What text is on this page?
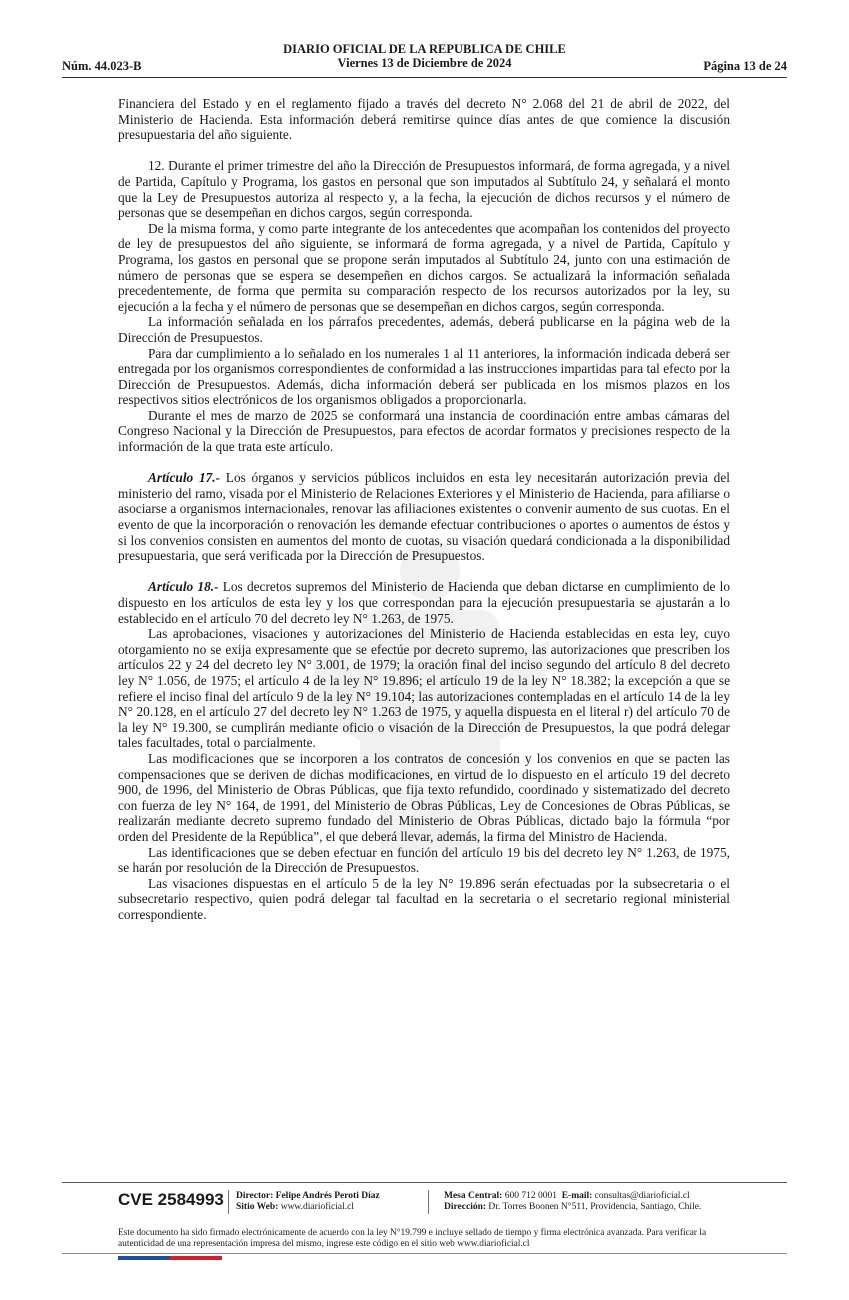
Núm. 44.023-B
DIARIO OFICIAL DE LA REPUBLICA DE CHILE
Viernes 13 de Diciembre de 2024	Página 13 de 24

Financiera del Estado y en el reglamento fijado a través del decreto N° 2.068 del 21 de abril de 2022, del Ministerio de Hacienda. Esta información deberá remitirse quince días antes de que comience la discusión presupuestaria del año siguiente.

12. Durante el primer trimestre del año la Dirección de Presupuestos informará, de forma agregada, y a nivel de Partida, Capítulo y Programa, los gastos en personal que son imputados al Subtítulo 24, y señalará el monto que la Ley de Presupuestos autoriza al respecto y, a la fecha, la ejecución de dichos recursos y el número de personas que se desempeñan en dichos cargos, según corresponda.

De la misma forma, y como parte integrante de los antecedentes que acompañan los contenidos del proyecto de ley de presupuestos del año siguiente, se informará de forma agregada, y a nivel de Partida, Capítulo y Programa, los gastos en personal que se propone serán imputados al Subtítulo 24, junto con una estimación de número de personas que se espera se desempeñen en dichos cargos. Se actualizará la información señalada precedentemente, de forma que permita su comparación respecto de los recursos autorizados por la ley, su ejecución a la fecha y el número de personas que se desempeñan en dichos cargos, según corresponda.

La información señalada en los párrafos precedentes, además, deberá publicarse en la página web de la Dirección de Presupuestos.

Para dar cumplimiento a lo señalado en los numerales 1 al 11 anteriores, la información indicada deberá ser entregada por los organismos correspondientes de conformidad a las instrucciones impartidas para tal efecto por la Dirección de Presupuestos. Además, dicha información deberá ser publicada en los mismos plazos en los respectivos sitios electrónicos de los organismos obligados a proporcionarla.

Durante el mes de marzo de 2025 se conformará una instancia de coordinación entre ambas cámaras del Congreso Nacional y la Dirección de Presupuestos, para efectos de acordar formatos y precisiones respecto de la información de la que trata este artículo.

Artículo 17.- Los órganos y servicios públicos incluidos en esta ley necesitarán autorización previa del ministerio del ramo, visada por el Ministerio de Relaciones Exteriores y el Ministerio de Hacienda, para afiliarse o asociarse a organismos internacionales, renovar las afiliaciones existentes o convenir aumento de sus cuotas. En el evento de que la incorporación o renovación les demande efectuar contribuciones o aportes o aumentos de éstos y si los convenios consisten en aumentos del monto de cuotas, su visación quedará condicionada a la disponibilidad presupuestaria, que será verificada por la Dirección de Presupuestos.

Artículo 18.- Los decretos supremos del Ministerio de Hacienda que deban dictarse en cumplimiento de lo dispuesto en los artículos de esta ley y los que correspondan para la ejecución presupuestaria se ajustarán a lo establecido en el artículo 70 del decreto ley N° 1.263, de 1975.

Las aprobaciones, visaciones y autorizaciones del Ministerio de Hacienda establecidas en esta ley, cuyo otorgamiento no se exija expresamente que se efectúe por decreto supremo, las autorizaciones que prescriben los artículos 22 y 24 del decreto ley N° 3.001, de 1979; la oración final del inciso segundo del artículo 8 del decreto ley N° 1.056, de 1975; el artículo 4 de la ley N° 19.896; el artículo 19 de la ley N° 18.382; la excepción a que se refiere el inciso final del artículo 9 de la ley N° 19.104; las autorizaciones contempladas en el artículo 14 de la ley N° 20.128, en el artículo 27 del decreto ley N° 1.263 de 1975, y aquella dispuesta en el literal r) del artículo 70 de la ley N° 19.300, se cumplirán mediante oficio o visación de la Dirección de Presupuestos, la que podrá delegar tales facultades, total o parcialmente.

Las modificaciones que se incorporen a los contratos de concesión y los convenios en que se pacten las compensaciones que se deriven de dichas modificaciones, en virtud de lo dispuesto en el artículo 19 del decreto 900, de 1996, del Ministerio de Obras Públicas, que fija texto refundido, coordinado y sistematizado del decreto con fuerza de ley N° 164, de 1991, del Ministerio de Obras Públicas, Ley de Concesiones de Obras Públicas, se realizarán mediante decreto supremo fundado del Ministerio de Obras Públicas, dictado bajo la fórmula “por orden del Presidente de la República”, el que deberá llevar, además, la firma del Ministro de Hacienda.

Las identificaciones que se deben efectuar en función del artículo 19 bis del decreto ley N° 1.263, de 1975, se harán por resolución de la Dirección de Presupuestos.

Las visaciones dispuestas en el artículo 5 de la ley N° 19.896 serán efectuadas por la subsecretaria o el subsecretario respectivo, quien podrá delegar tal facultad en la secretaria o el secretario regional ministerial correspondiente.

CVE 2584993 Director: Felipe Andrés Peroti Díaz
Sitio Web: www.diarioficial.cl
Mesa Central: 600 712 0001 E-mail: consultas@diarioficial.cl
Dirección: Dr. Torres Boonen N°511, Providencia, Santiago, Chile.
Este documento ha sido firmado electrónicamente de acuerdo con la ley N°19.799 e incluye sellado de tiempo y firma electrónica avanzada. Para verificar la autenticidad de una representación impresa del mismo, ingrese este código en el sitio web www.diarioficial.cl
